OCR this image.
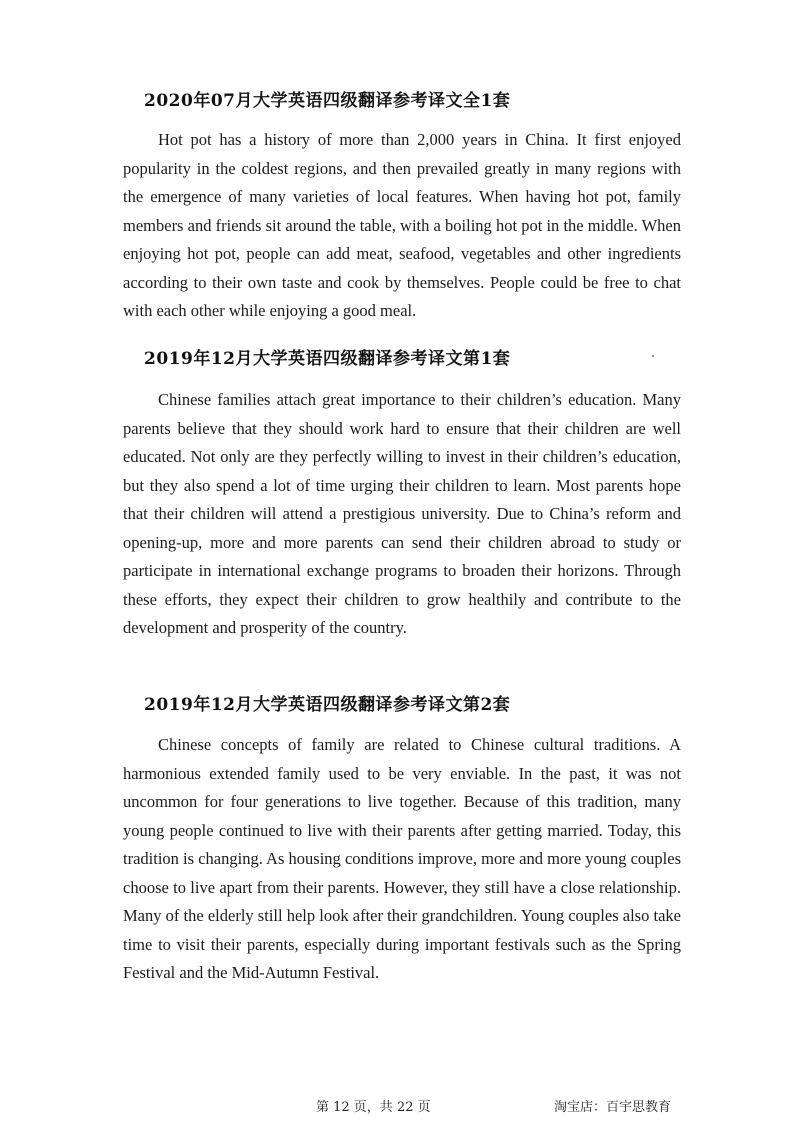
2020年07月大学英语四级翻译参考译文全1套

Hot pot has a history of more than 2,000 years in China. It first enjoyed popularity in the coldest regions, and then prevailed greatly in many regions with the emergence of many varieties of local features. When having hot pot, family members and friends sit around the table, with a boiling hot pot in the middle. When enjoying hot pot, people can add meat, seafood, vegetables and other ingredients according to their own taste and cook by themselves. People could be free to chat with each other while enjoying a good meal.

2019年12月大学英语四级翻译参考译文第1套

Chinese families attach great importance to their children’s education. Many parents believe that they should work hard to ensure that their children are well educated. Not only are they perfectly willing to invest in their children’s education, but they also spend a lot of time urging their children to learn. Most parents hope that their children will attend a prestigious university. Due to China’s reform and opening-up, more and more parents can send their children abroad to study or participate in international exchange programs to broaden their horizons. Through these efforts, they expect their children to grow healthily and contribute to the development and prosperity of the country.

2019年12月大学英语四级翻译参考译文第2套

Chinese concepts of family are related to Chinese cultural traditions. A harmonious extended family used to be very enviable. In the past, it was not uncommon for four generations to live together. Because of this tradition, many young people continued to live with their parents after getting married. Today, this tradition is changing. As housing conditions improve, more and more young couples choose to live apart from their parents. However, they still have a close relationship. Many of the elderly still help look after their grandchildren. Young couples also take time to visit their parents, especially during important festivals such as the Spring Festival and the Mid-Autumn Festival.

第 12 页，共 22 页	淘宝店：百宇思教育
